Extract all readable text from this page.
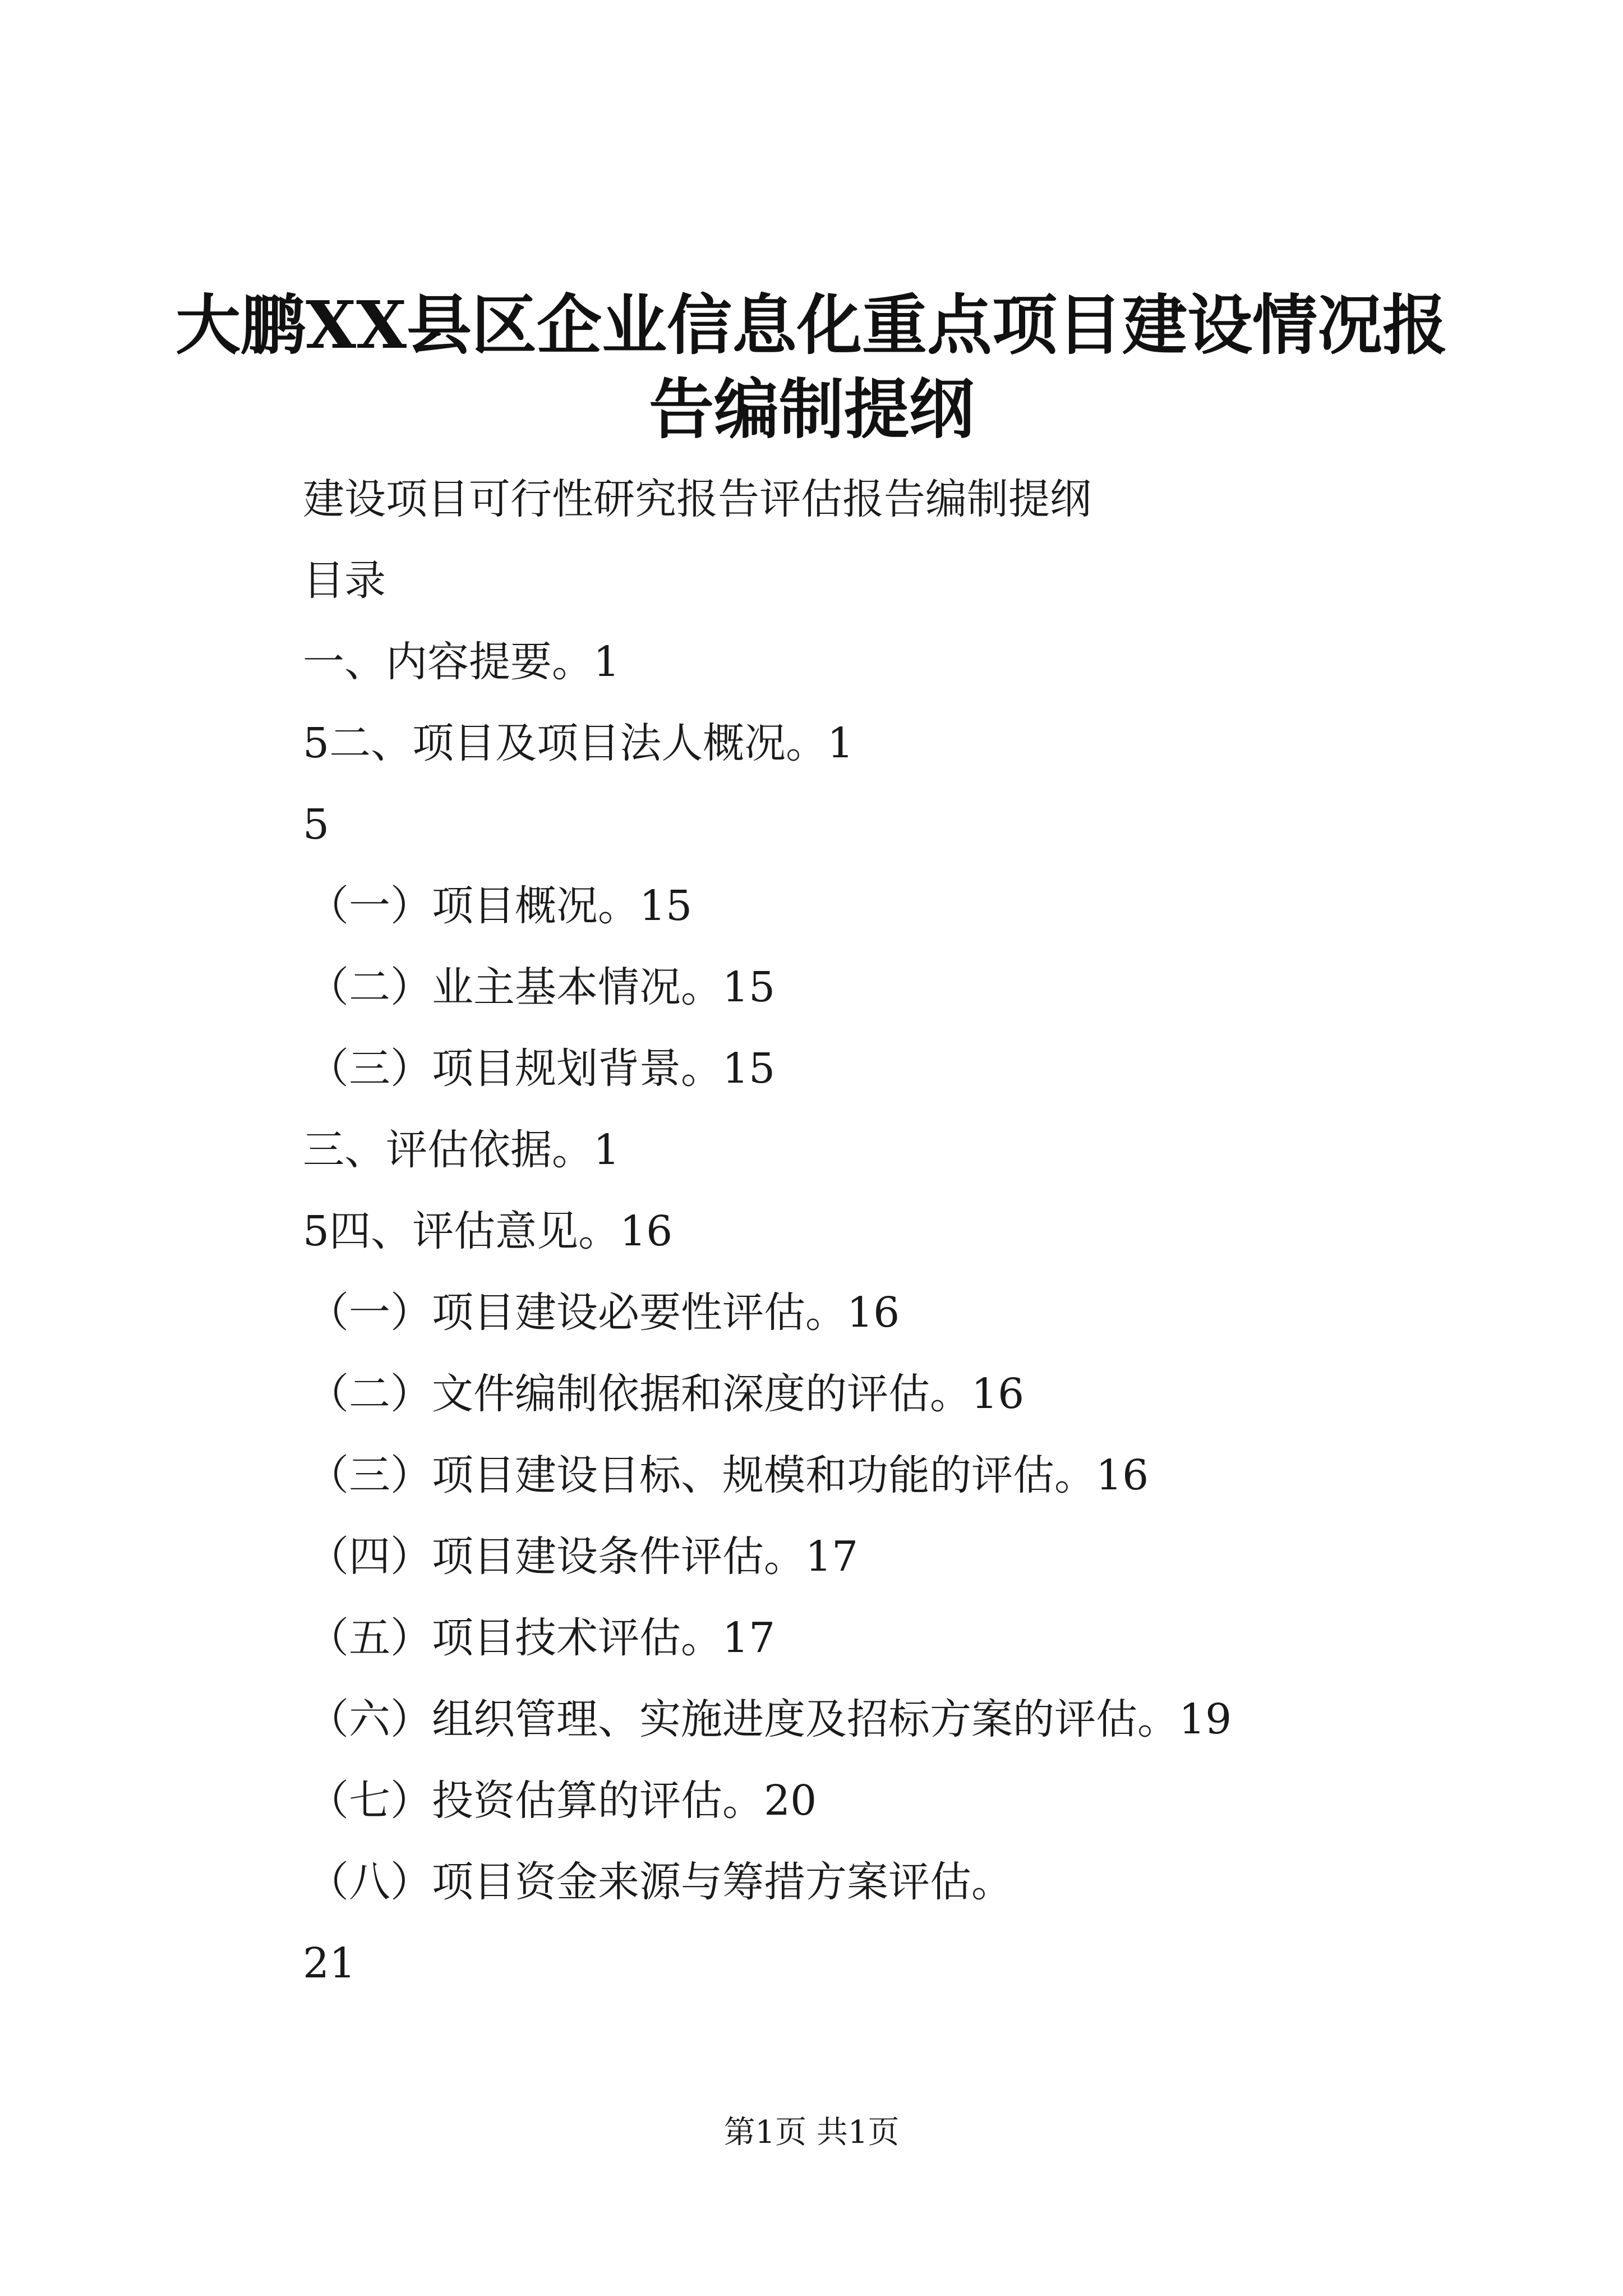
大鹏XX县区企业信息化重点项目建设情况报
告编制提纲
建设项目可行性研究报告评估报告编制提纲
目录
一、内容提要。1
5二、项目及项目法人概况。1
5
（一）项目概况。15
（二）业主基本情况。15
（三）项目规划背景。15
三、评估依据。1
5四、评估意见。16
（一）项目建设必要性评估。16
（二）文件编制依据和深度的评估。16
（三）项目建设目标、规模和功能的评估。16
（四）项目建设条件评估。17
（五）项目技术评估。17
（六）组织管理、实施进度及招标方案的评估。19
（七）投资估算的评估。20
（八）项目资金来源与筹措方案评估。
21
第1页 共1页
